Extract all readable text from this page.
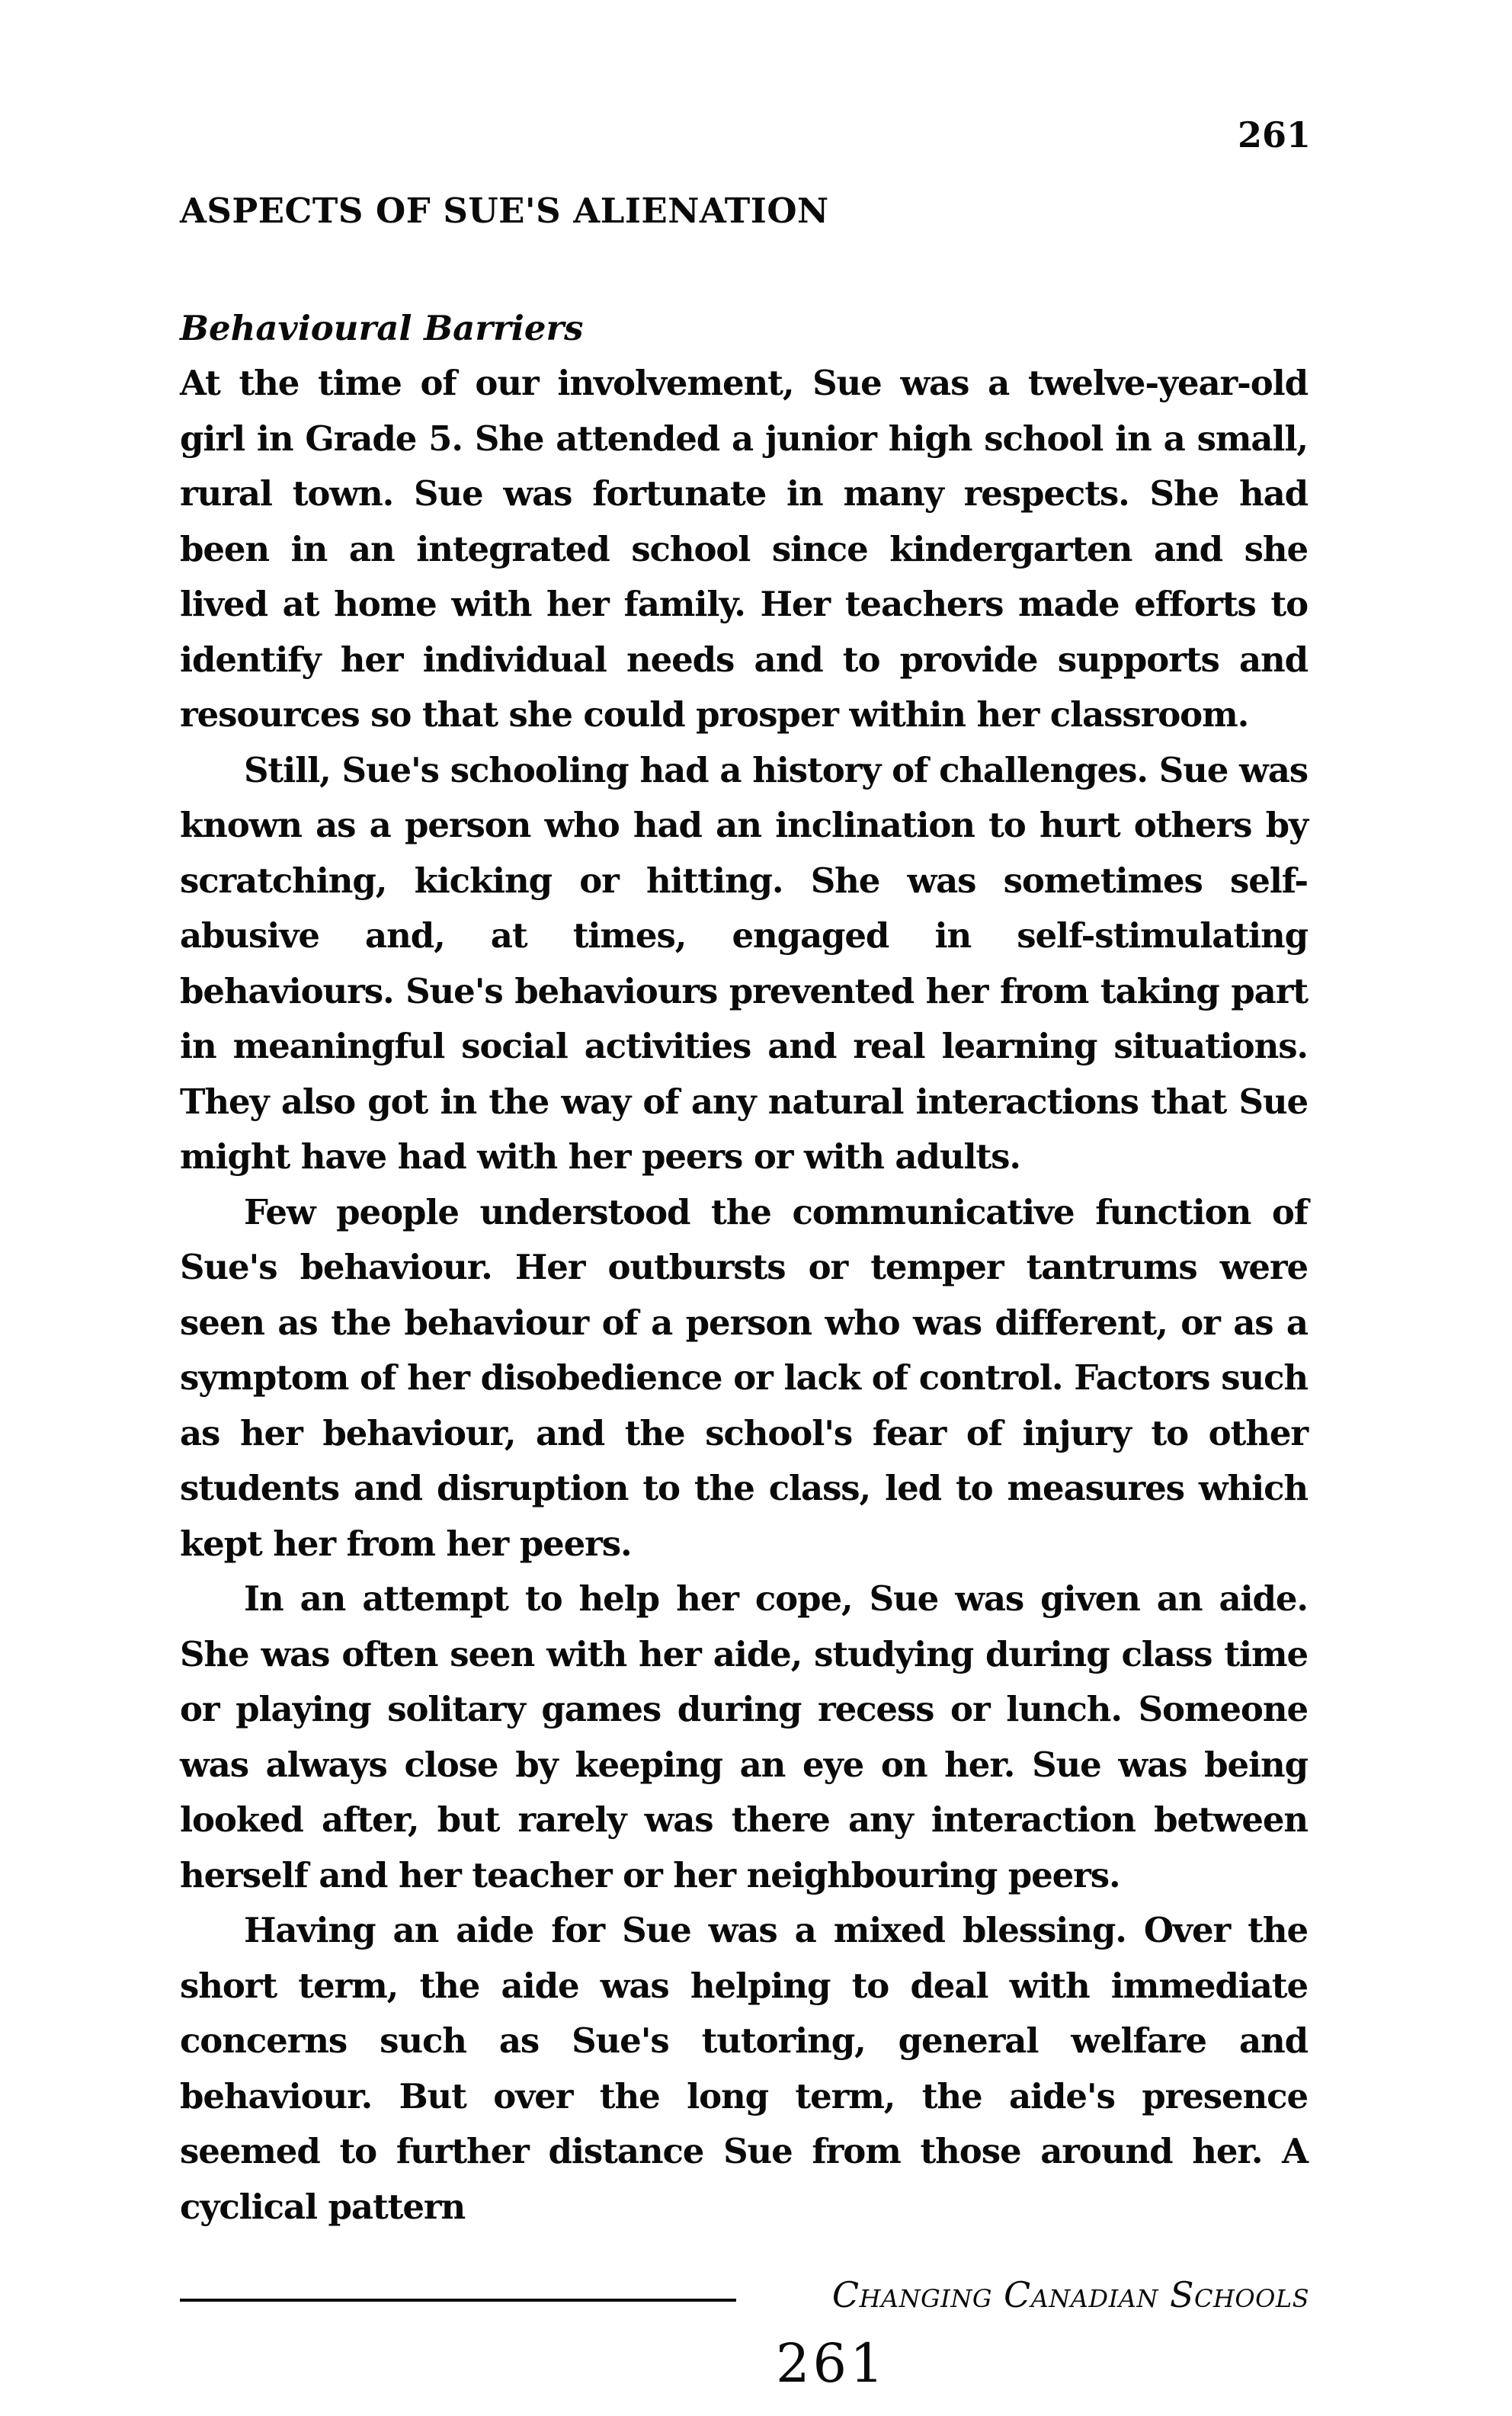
261
ASPECTS OF SUE'S ALIENATION
Behavioural Barriers

At the time of our involvement, Sue was a twelve-year-old girl in Grade 5. She attended a junior high school in a small, rural town. Sue was fortunate in many respects. She had been in an integrated school since kindergarten and she lived at home with her family. Her teachers made efforts to identify her individual needs and to provide supports and resources so that she could prosper within her classroom.

Still, Sue's schooling had a history of challenges. Sue was known as a person who had an inclination to hurt others by scratching, kicking or hitting. She was sometimes self-abusive and, at times, engaged in self-stimulating behaviours. Sue's behaviours prevented her from taking part in meaningful social activities and real learning situations. They also got in the way of any natural interactions that Sue might have had with her peers or with adults.

Few people understood the communicative function of Sue's behaviour. Her outbursts or temper tantrums were seen as the behaviour of a person who was different, or as a symptom of her disobedience or lack of control. Factors such as her behaviour, and the school's fear of injury to other students and disruption to the class, led to measures which kept her from her peers.

In an attempt to help her cope, Sue was given an aide. She was often seen with her aide, studying during class time or playing solitary games during recess or lunch. Someone was always close by keeping an eye on her. Sue was being looked after, but rarely was there any interaction between herself and her teacher or her neighbouring peers.

Having an aide for Sue was a mixed blessing. Over the short term, the aide was helping to deal with immediate concerns such as Sue's tutoring, general welfare and behaviour. But over the long term, the aide's presence seemed to further distance Sue from those around her. A cyclical pattern

Changing Canadian Schools
261
